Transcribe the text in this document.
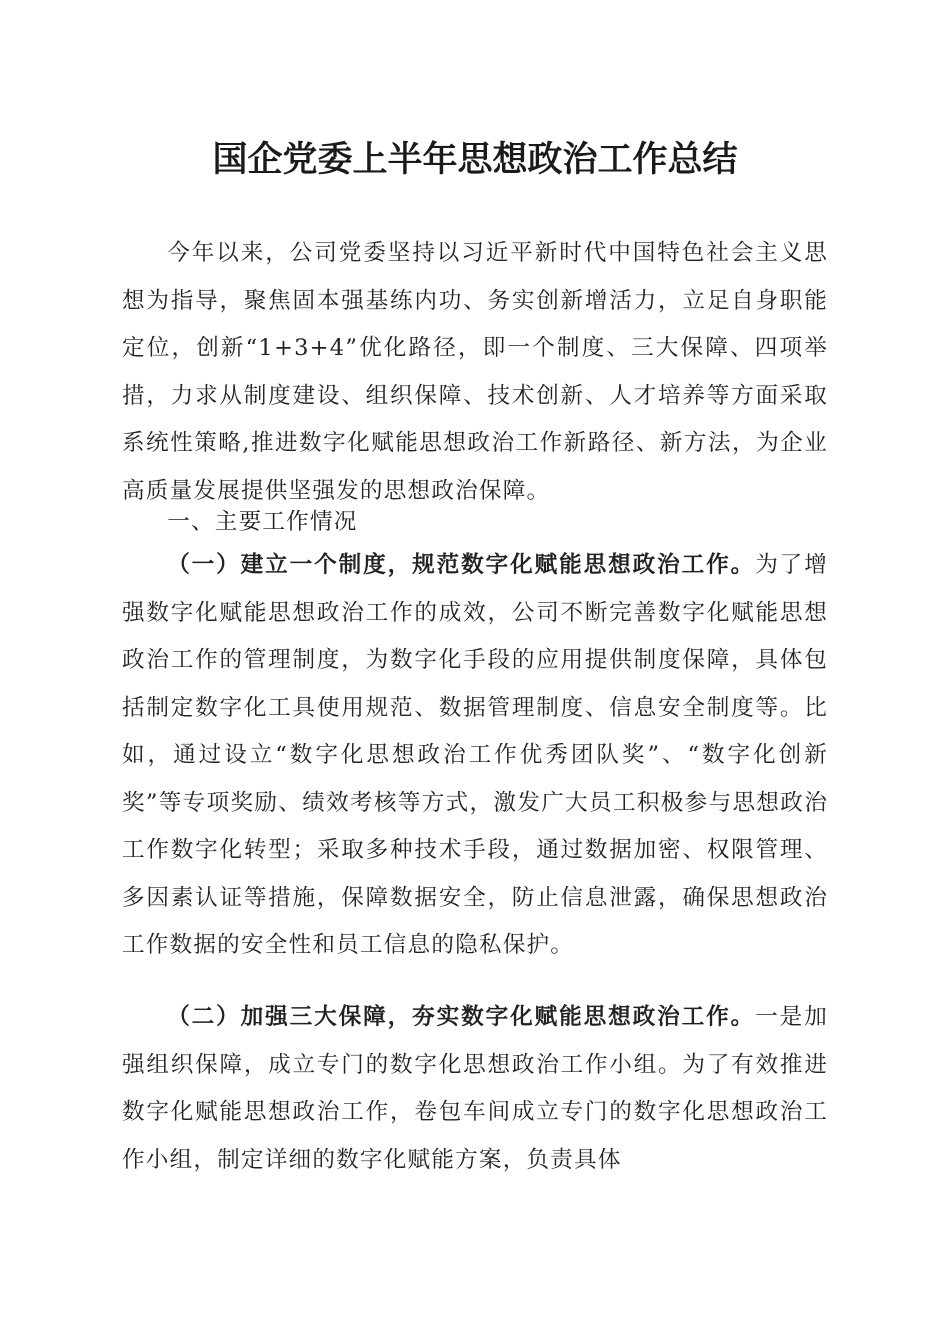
国企党委上半年思想政治工作总结

今年以来，公司党委坚持以习近平新时代中国特色社会主义思想为指导，聚焦固本强基练内功、务实创新增活力，立足自身职能定位，创新“1+3+4”优化路径，即一个制度、三大保障、四项举措，力求从制度建设、组织保障、技术创新、人才培养等方面采取系统性策略,推进数字化赋能思想政治工作新路径、新方法，为企业高质量发展提供坚强发的思想政治保障。

一、主要工作情况

（一）建立一个制度，规范数字化赋能思想政治工作。为了增强数字化赋能思想政治工作的成效，公司不断完善数字化赋能思想政治工作的管理制度，为数字化手段的应用提供制度保障，具体包括制定数字化工具使用规范、数据管理制度、信息安全制度等。比如，通过设立“数字化思想政治工作优秀团队奖”、“数字化创新奖”等专项奖励、绩效考核等方式，激发广大员工积极参与思想政治工作数字化转型；采取多种技术手段，通过数据加密、权限管理、多因素认证等措施，保障数据安全，防止信息泄露，确保思想政治工作数据的安全性和员工信息的隐私保护。

（二）加强三大保障，夯实数字化赋能思想政治工作。一是加强组织保障，成立专门的数字化思想政治工作小组。为了有效推进数字化赋能思想政治工作，卷包车间成立专门的数字化思想政治工作小组，制定详细的数字化赋能方案，负责具体
